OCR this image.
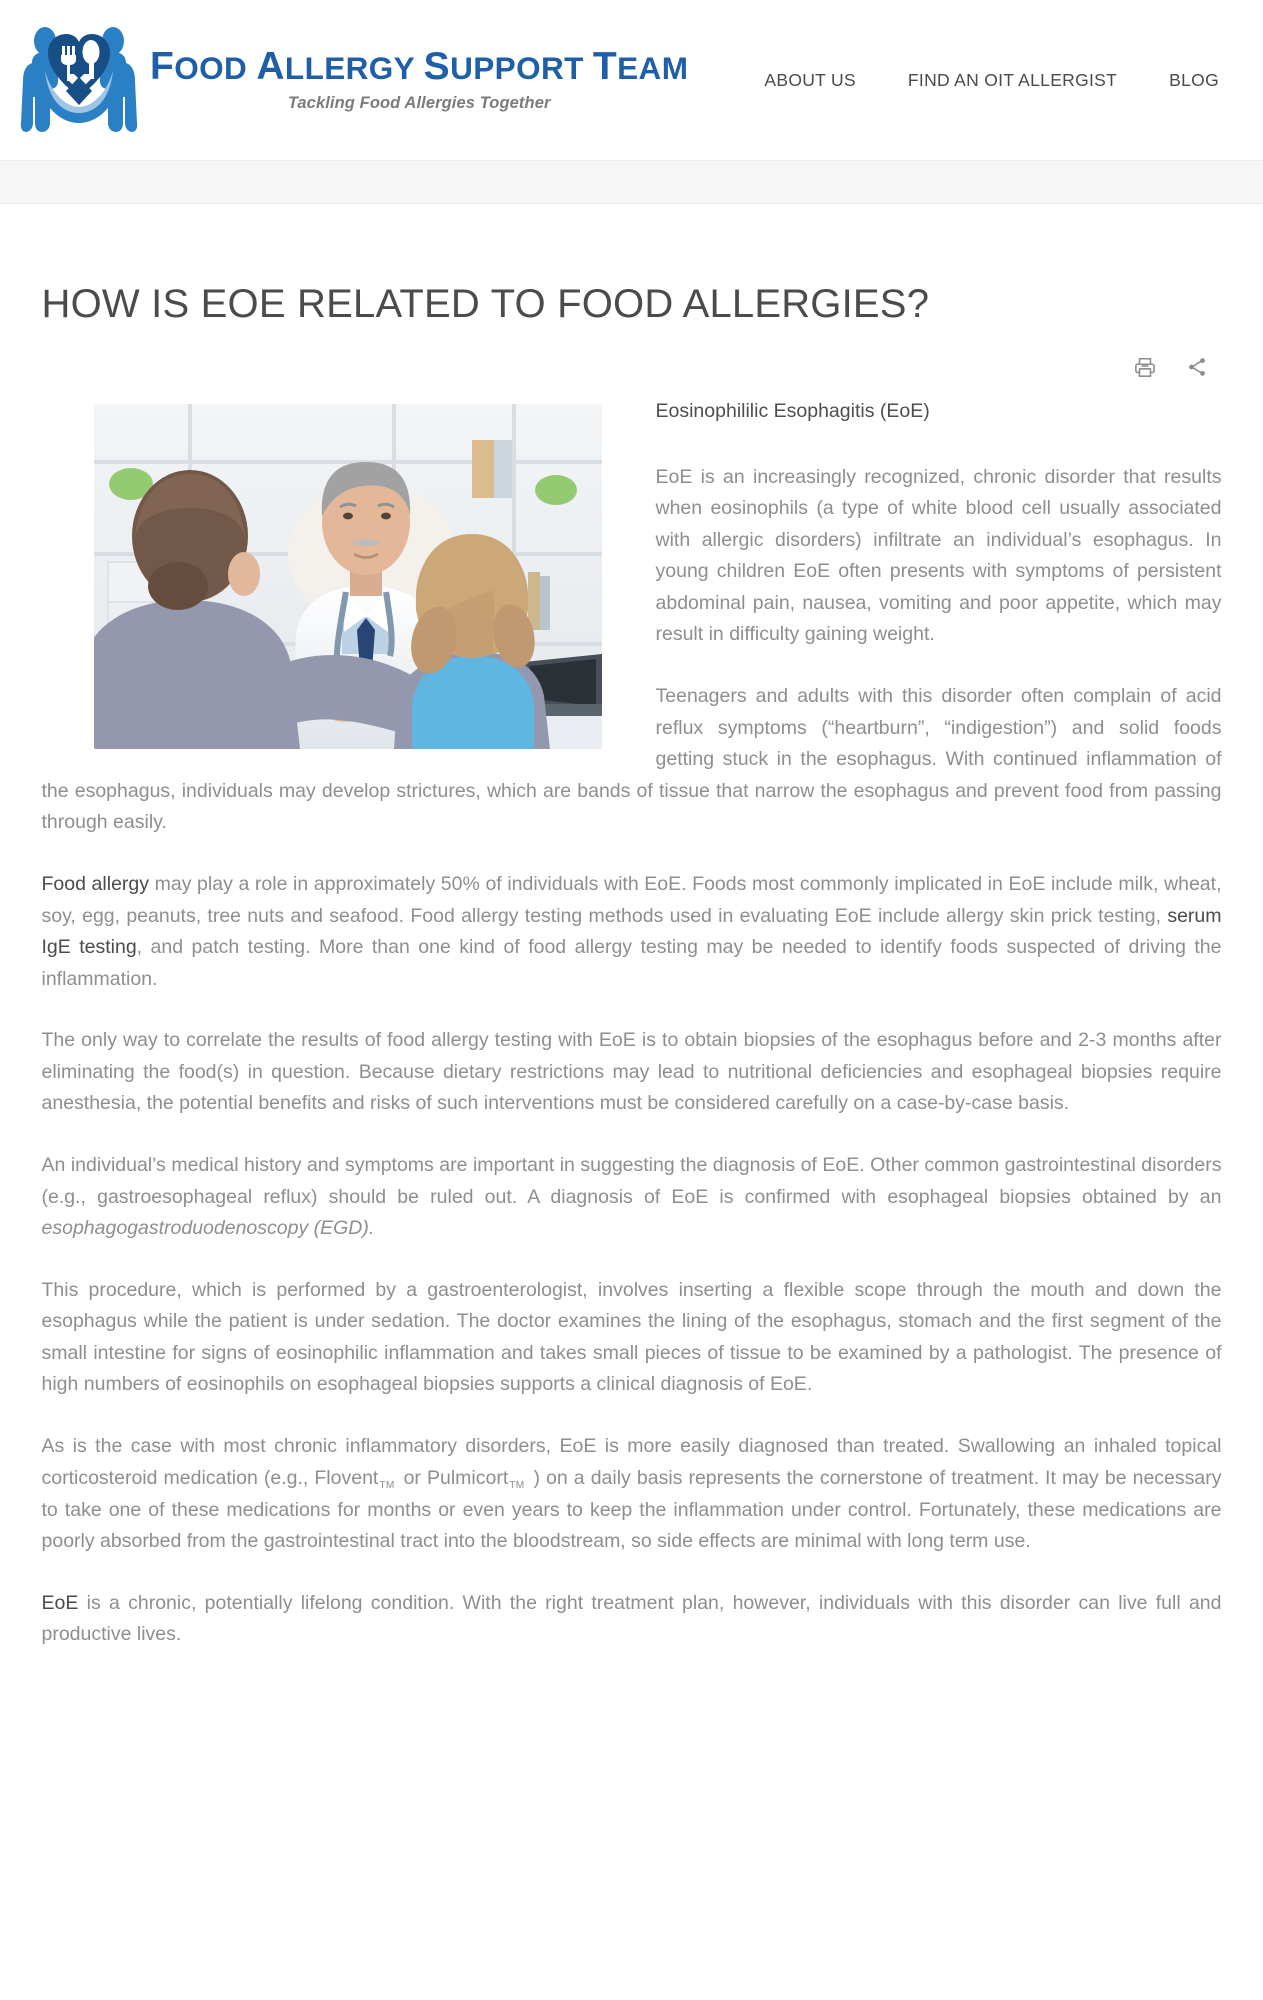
FOOD ALLERGY SUPPORT TEAM
Tackling Food Allergies Together
ABOUT US	FIND AN OIT ALLERGIST	BLOG
HOW IS EOE RELATED TO FOOD ALLERGIES?

Eosinophililic Esophagitis (EoE)

EoE is an increasingly recognized, chronic disorder that results when eosinophils (a type of white blood cell usually associated with allergic disorders) infiltrate an individual’s esophagus. In young children EoE often presents with symptoms of persistent abdominal pain, nausea, vomiting and poor appetite, which may result in difficulty gaining weight.

Teenagers and adults with this disorder often complain of acid reflux symptoms (“heartburn”, “indigestion”) and solid foods getting stuck in the esophagus. With continued inflammation of the esophagus, individuals may develop strictures, which are bands of tissue that narrow the esophagus and prevent food from passing through easily.

Food allergy may play a role in approximately 50% of individuals with EoE. Foods most commonly implicated in EoE include milk, wheat, soy, egg, peanuts, tree nuts and seafood. Food allergy testing methods used in evaluating EoE include allergy skin prick testing, serum IgE testing, and patch testing. More than one kind of food allergy testing may be needed to identify foods suspected of driving the inflammation.

The only way to correlate the results of food allergy testing with EoE is to obtain biopsies of the esophagus before and 2-3 months after eliminating the food(s) in question. Because dietary restrictions may lead to nutritional deficiencies and esophageal biopsies require anesthesia, the potential benefits and risks of such interventions must be considered carefully on a case-by-case basis.

An individual’s medical history and symptoms are important in suggesting the diagnosis of EoE. Other common gastrointestinal disorders (e.g., gastroesophageal reflux) should be ruled out. A diagnosis of EoE is confirmed with esophageal biopsies obtained by an esophagogastroduodenoscopy (EGD).

This procedure, which is performed by a gastroenterologist, involves inserting a flexible scope through the mouth and down the esophagus while the patient is under sedation. The doctor examines the lining of the esophagus, stomach and the first segment of the small intestine for signs of eosinophilic inflammation and takes small pieces of tissue to be examined by a pathologist. The presence of high numbers of eosinophils on esophageal biopsies supports a clinical diagnosis of EoE.

As is the case with most chronic inflammatory disorders, EoE is more easily diagnosed than treated. Swallowing an inhaled topical corticosteroid medication (e.g., Flovent™ or Pulmicort™ ) on a daily basis represents the cornerstone of treatment. It may be necessary to take one of these medications for months or even years to keep the inflammation under control. Fortunately, these medications are poorly absorbed from the gastrointestinal tract into the bloodstream, so side effects are minimal with long term use.

EoE is a chronic, potentially lifelong condition. With the right treatment plan, however, individuals with this disorder can live full and productive lives.
